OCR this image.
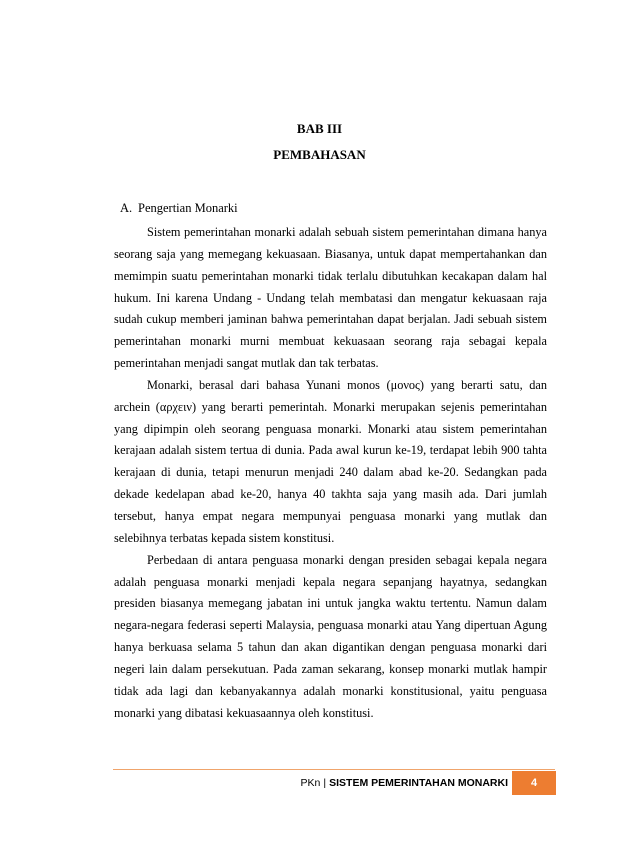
BAB III
PEMBAHASAN
A. Pengertian Monarki

Sistem pemerintahan monarki adalah sebuah sistem pemerintahan dimana hanya seorang saja yang memegang kekuasaan. Biasanya, untuk dapat mempertahankan dan memimpin suatu pemerintahan monarki tidak terlalu dibutuhkan kecakapan dalam hal hukum. Ini karena Undang - Undang telah membatasi dan mengatur kekuasaan raja sudah cukup memberi jaminan bahwa pemerintahan dapat berjalan. Jadi sebuah sistem pemerintahan monarki murni membuat kekuasaan seorang raja sebagai kepala pemerintahan menjadi sangat mutlak dan tak terbatas.

Monarki, berasal dari bahasa Yunani monos (μονος) yang berarti satu, dan archein (αρχειν) yang berarti pemerintah. Monarki merupakan sejenis pemerintahan yang dipimpin oleh seorang penguasa monarki. Monarki atau sistem pemerintahan kerajaan adalah sistem tertua di dunia. Pada awal kurun ke-19, terdapat lebih 900 tahta kerajaan di dunia, tetapi menurun menjadi 240 dalam abad ke-20. Sedangkan pada dekade kedelapan abad ke-20, hanya 40 takhta saja yang masih ada. Dari jumlah tersebut, hanya empat negara mempunyai penguasa monarki yang mutlak dan selebihnya terbatas kepada sistem konstitusi.

Perbedaan di antara penguasa monarki dengan presiden sebagai kepala negara adalah penguasa monarki menjadi kepala negara sepanjang hayatnya, sedangkan presiden biasanya memegang jabatan ini untuk jangka waktu tertentu. Namun dalam negara-negara federasi seperti Malaysia, penguasa monarki atau Yang dipertuan Agung hanya berkuasa selama 5 tahun dan akan digantikan dengan penguasa monarki dari negeri lain dalam persekutuan. Pada zaman sekarang, konsep monarki mutlak hampir tidak ada lagi dan kebanyakannya adalah monarki konstitusional, yaitu penguasa monarki yang dibatasi kekuasaannya oleh konstitusi.

PKn | SISTEM PEMERINTAHAN MONARKI 4
